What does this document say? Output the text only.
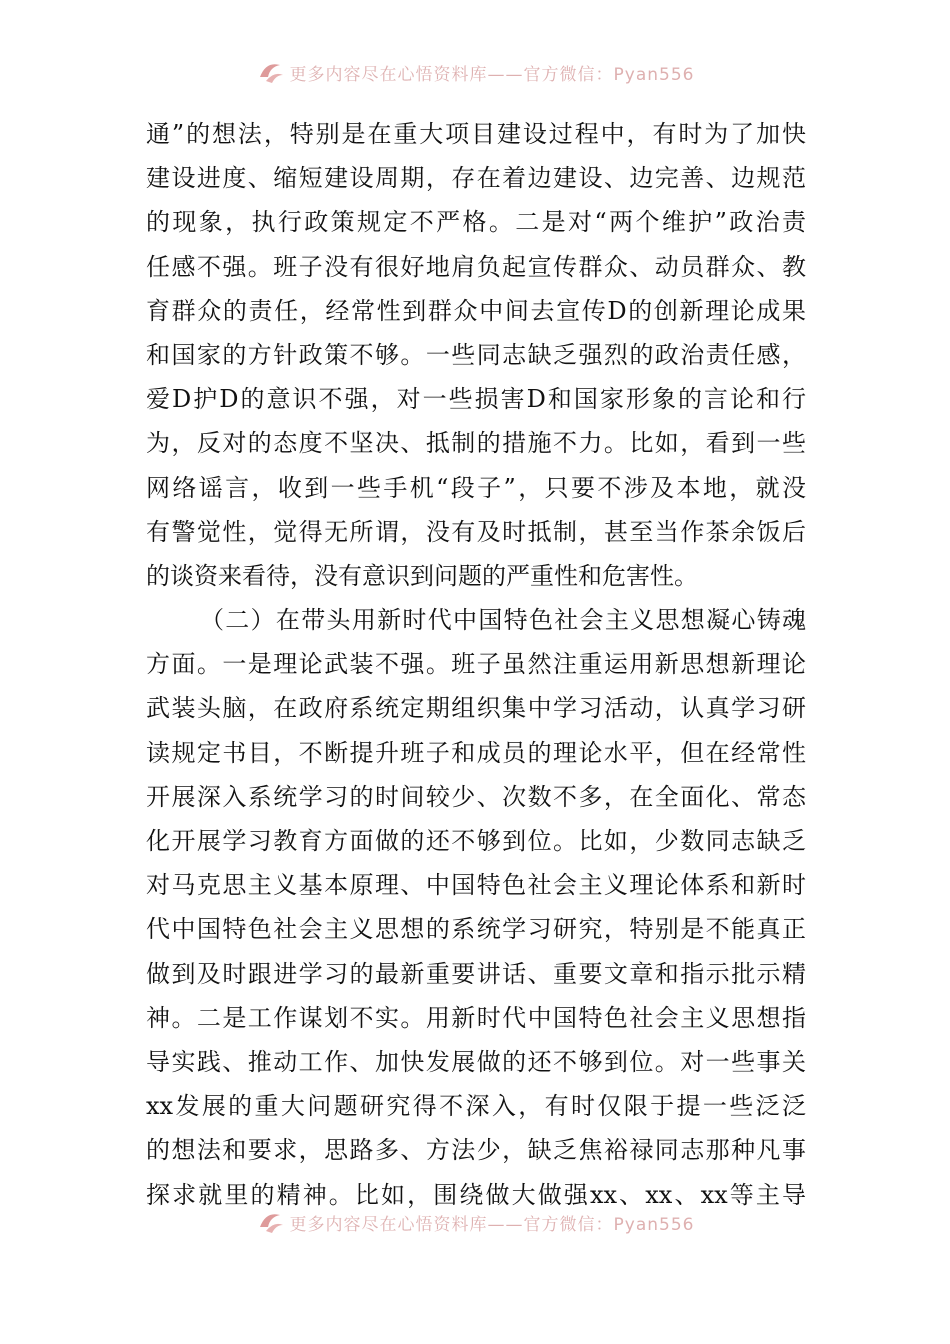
更多内容尽在心悟资料库——官方微信：Pyan556
通”的想法，特别是在重大项目建设过程中，有时为了加快
建设进度、缩短建设周期，存在着边建设、边完善、边规范
的现象，执行政策规定不严格。二是对“两个维护”政治责
任感不强。班子没有很好地肩负起宣传群众、动员群众、教
育群众的责任，经常性到群众中间去宣传D的创新理论成果
和国家的方针政策不够。一些同志缺乏强烈的政治责任感，
爱D护D的意识不强，对一些损害D和国家形象的言论和行
为，反对的态度不坚决、抵制的措施不力。比如，看到一些
网络谣言，收到一些手机“段子”，只要不涉及本地，就没
有警觉性，觉得无所谓，没有及时抵制，甚至当作茶余饭后
的谈资来看待，没有意识到问题的严重性和危害性。
（二）在带头用新时代中国特色社会主义思想凝心铸魂
方面。一是理论武装不强。班子虽然注重运用新思想新理论
武装头脑，在政府系统定期组织集中学习活动，认真学习研
读规定书目，不断提升班子和成员的理论水平，但在经常性
开展深入系统学习的时间较少、次数不多，在全面化、常态
化开展学习教育方面做的还不够到位。比如，少数同志缺乏
对马克思主义基本原理、中国特色社会主义理论体系和新时
代中国特色社会主义思想的系统学习研究，特别是不能真正
做到及时跟进学习的最新重要讲话、重要文章和指示批示精
神。二是工作谋划不实。用新时代中国特色社会主义思想指
导实践、推动工作、加快发展做的还不够到位。对一些事关
xx发展的重大问题研究得不深入，有时仅限于提一些泛泛
的想法和要求，思路多、方法少，缺乏焦裕禄同志那种凡事
探求就里的精神。比如，围绕做大做强xx、xx、xx等主导
更多内容尽在心悟资料库——官方微信：Pyan556
